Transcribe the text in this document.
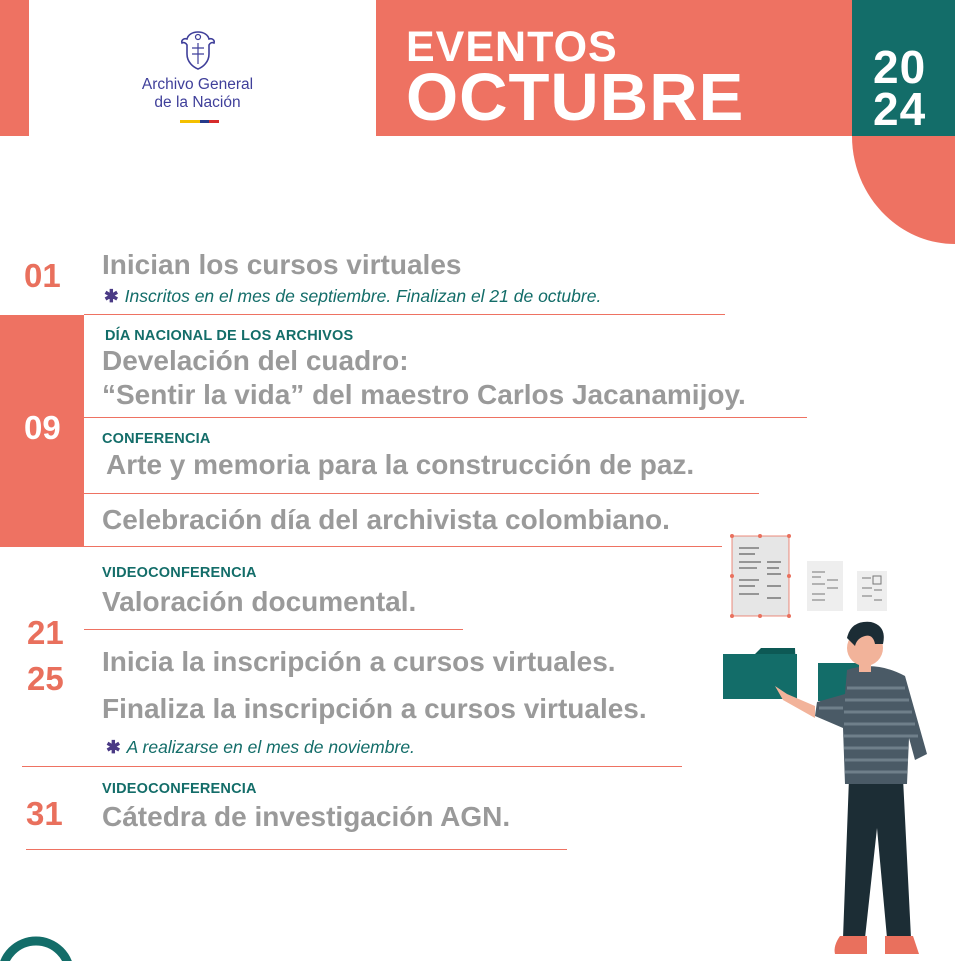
Archivo General
de la Nación
EVENTOS
OCTUBRE	20
24
01 Inician los cursos virtuales
✱ Inscritos en el mes de septiembre. Finalizan el 21 de octubre.
09
DÍA NACIONAL DE LOS ARCHIVOS
Develación del cuadro:
“Sentir la vida” del maestro Carlos Jacanamijoy.
CONFERENCIA
Arte y memoria para la construcción de paz.
Celebración día del archivista colombiano.
VIDEOCONFERENCIA
Valoración documental.
21
25 Inicia la inscripción a cursos virtuales.
Finaliza la inscripción a cursos virtuales.
✱ A realizarse en el mes de noviembre.
VIDEOCONFERENCIA
31 Cátedra de investigación AGN.
